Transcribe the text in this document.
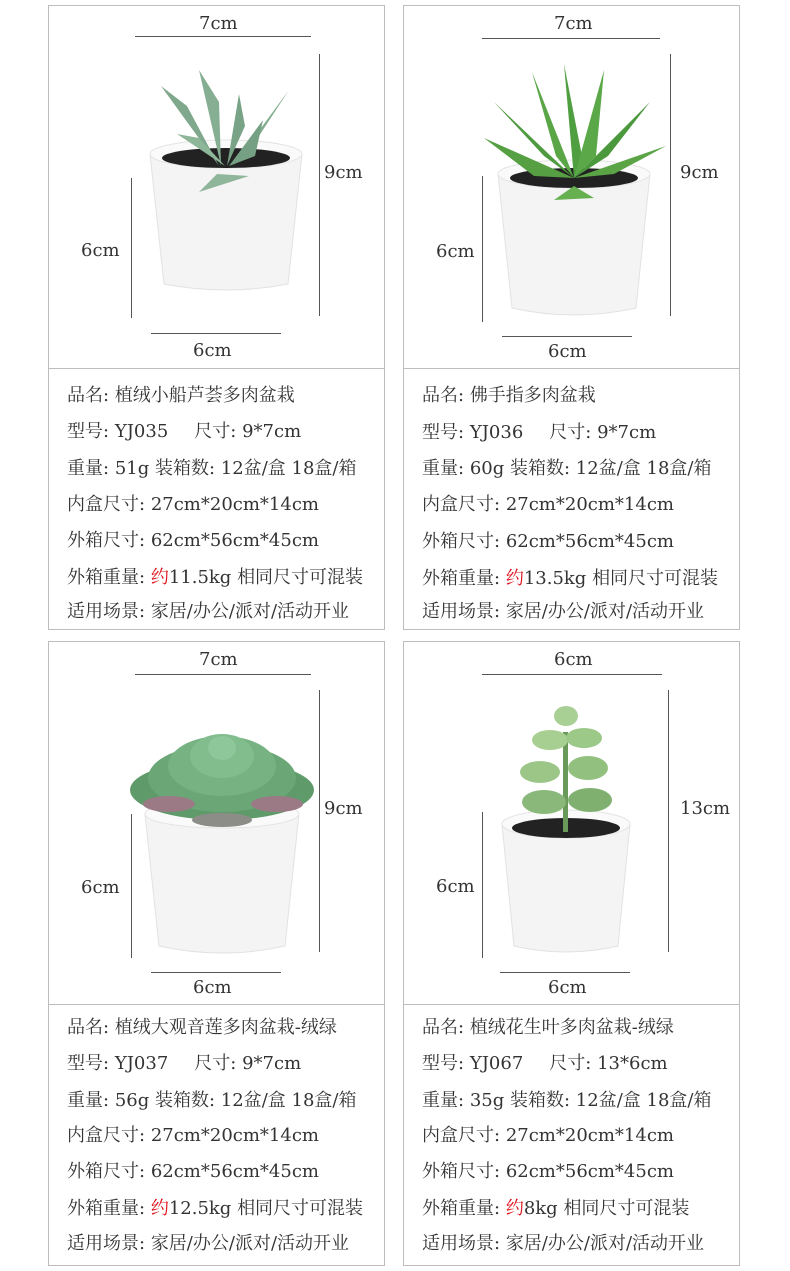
7cm
9cm
6cm
6cm
品名: 植绒小船芦荟多肉盆栽
型号: YJ035 尺寸: 9*7cm
重量: 51g 装箱数: 12盆/盒 18盒/箱
内盒尺寸: 27cm*20cm*14cm
外箱尺寸: 62cm*56cm*45cm
外箱重量: 约11.5kg 相同尺寸可混装
适用场景: 家居/办公/派对/活动开业
7cm
9cm
6cm
6cm
品名: 佛手指多肉盆栽
型号: YJ036 尺寸: 9*7cm
重量: 60g 装箱数: 12盆/盒 18盒/箱
内盒尺寸: 27cm*20cm*14cm
外箱尺寸: 62cm*56cm*45cm
外箱重量: 约13.5kg 相同尺寸可混装
适用场景: 家居/办公/派对/活动开业
7cm
9cm
6cm
6cm
品名: 植绒大观音莲多肉盆栽-绒绿
型号: YJ037 尺寸: 9*7cm
重量: 56g 装箱数: 12盆/盒 18盒/箱
内盒尺寸: 27cm*20cm*14cm
外箱尺寸: 62cm*56cm*45cm
外箱重量: 约12.5kg 相同尺寸可混装
适用场景: 家居/办公/派对/活动开业
6cm
13cm
6cm
6cm
品名: 植绒花生叶多肉盆栽-绒绿
型号: YJ067 尺寸: 13*6cm
重量: 35g 装箱数: 12盆/盒 18盒/箱
内盒尺寸: 27cm*20cm*14cm
外箱尺寸: 62cm*56cm*45cm
外箱重量: 约8kg 相同尺寸可混装
适用场景: 家居/办公/派对/活动开业
